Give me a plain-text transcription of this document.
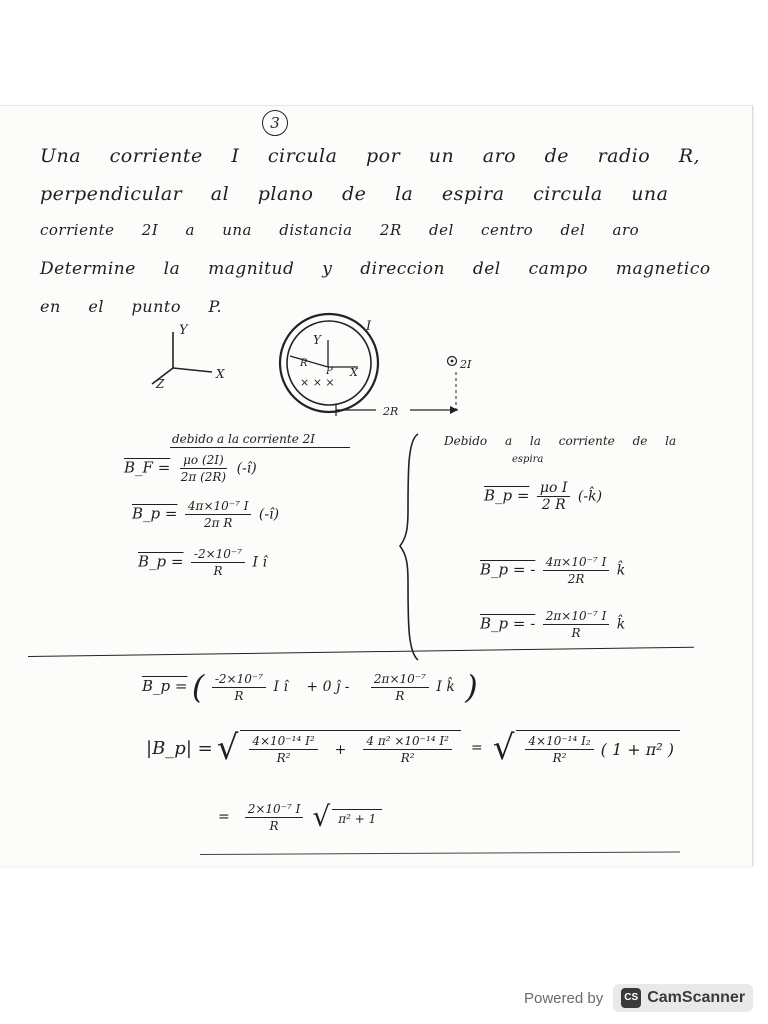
3
Una corriente I circula por un aro de radio R,
perpendicular al plano de la espira circula una
corriente 2I a una distancia 2R del centro del aro
Determine la magnitud y direccion del campo magnetico
en el punto P.
Y
X
Z
I
Y
X
R
P
× × ×
2I
2R
debido a la corriente 2I
B_F = $\frac{\mu o (2I)}{2\pi (2R)}$ (-î)
B_p = $\frac{\text{4π×10⁻⁷ I}}{\text{2π R}}$ (-î)
B_p = $\frac{\text{-2×10⁻⁷}}{R}$ I î
Debido a la corriente de la
espira
B_p = $\frac{\text{μo I}}{2 R}$ (-k̂)
B_p = - $\frac{\text{4π×10⁻⁷ I}}{2R}$ k̂
B_p = - $\frac{\text{2π×10⁻⁷ I}}{R}$ k̂
B_p = ( $\frac{\text{-2×10⁻⁷}}{R}$ I î + 0 ĵ - $\frac{\text{2π×10⁻⁷}}{R}$ I k̂ )
|B_p| = √ $\frac{\text{4×10⁻¹⁴ I²}}{\text{R²}} + \frac{\text{4 π² ×10⁻¹⁴ I²}}{\text{R²}}$ = √ $\frac{\text{4×10⁻¹⁴ I₂}}{\text{R²}}$ ( 1 + π² )
= $\frac{\text{2×10⁻⁷ I}}{R}$ √ π² + 1
Powered by	CS CamScanner
